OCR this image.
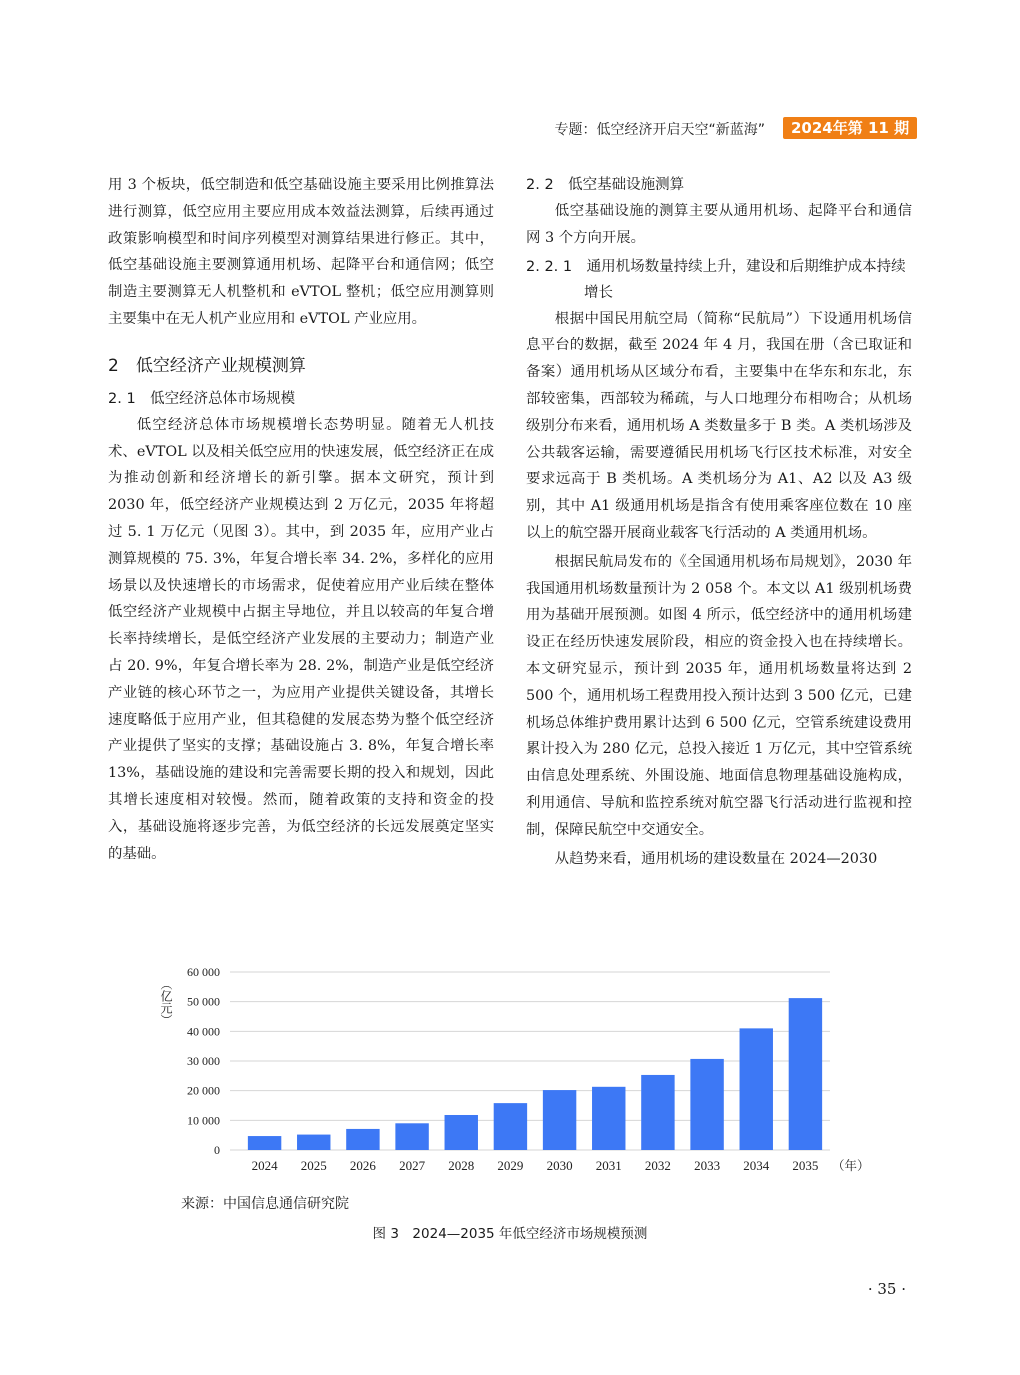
专题：低空经济开启天空“新蓝海”	2024年第 11 期

用 3 个板块，低空制造和低空基础设施主要采用比例推算法进行测算，低空应用主要应用成本效益法测算，后续再通过政策影响模型和时间序列模型对测算结果进行修正。其中，低空基础设施主要测算通用机场、起降平台和通信网；低空制造主要测算无人机整机和 eVTOL 整机；低空应用测算则主要集中在无人机产业应用和 eVTOL 产业应用。

2　低空经济产业规模测算
2. 1　低空经济总体市场规模

低空经济总体市场规模增长态势明显。随着无人机技术、eVTOL 以及相关低空应用的快速发展，低空经济正在成为推动创新和经济增长的新引擎。据本文研究，预计到 2030 年，低空经济产业规模达到 2 万亿元，2035 年将超过 5. 1 万亿元（见图 3）。其中，到 2035 年，应用产业占测算规模的 75. 3%，年复合增长率 34. 2%，多样化的应用场景以及快速增长的市场需求，促使着应用产业后续在整体低空经济产业规模中占据主导地位，并且以较高的年复合增长率持续增长，是低空经济产业发展的主要动力；制造产业占 20. 9%，年复合增长率为 28. 2%，制造产业是低空经济产业链的核心环节之一，为应用产业提供关键设备，其增长速度略低于应用产业，但其稳健的发展态势为整个低空经济产业提供了坚实的支撑；基础设施占 3. 8%，年复合增长率 13%，基础设施的建设和完善需要长期的投入和规划，因此其增长速度相对较慢。然而，随着政策的支持和资金的投入，基础设施将逐步完善，为低空经济的长远发展奠定坚实的基础。

2. 2　低空基础设施测算

低空基础设施的测算主要从通用机场、起降平台和通信网 3 个方向开展。

2. 2. 1　通用机场数量持续上升，建设和后期维护成本持续增长

根据中国民用航空局（简称“民航局”）下设通用机场信息平台的数据，截至 2024 年 4 月，我国在册（含已取证和备案）通用机场从区域分布看，主要集中在华东和东北，东部较密集，西部较为稀疏，与人口地理分布相吻合；从机场级别分布来看，通用机场 A 类数量多于 B 类。A 类机场涉及公共载客运输，需要遵循民用机场飞行区技术标准，对安全要求远高于 B 类机场。A 类机场分为 A1、A2 以及 A3 级别，其中 A1 级通用机场是指含有使用乘客座位数在 10 座以上的航空器开展商业载客飞行活动的 A 类通用机场。

根据民航局发布的《全国通用机场布局规划》，2030 年我国通用机场数量预计为 2 058 个。本文以 A1 级别机场费用为基础开展预测。如图 4 所示，低空经济中的通用机场建设正在经历快速发展阶段，相应的资金投入也在持续增长。本文研究显示，预计到 2035 年，通用机场数量将达到 2 500 个，通用机场工程费用投入预计达到 3 500 亿元，已建机场总体维护费用累计达到 6 500 亿元，空管系统建设费用累计投入为 280 亿元，总投入接近 1 万亿元，其中空管系统由信息处理系统、外围设施、地面信息物理基础设施构成，利用通信、导航和监控系统对航空器飞行活动进行监视和控制，保障民航空中交通安全。

从趋势来看，通用机场的建设数量在 2024—2030

0
10 000
20 000
30 000
40 000
50 000
60 000
（亿元）
2024 2025 2026 2027 2028 2029 2030 2031 2032 2033 2034 2035 （年）
来源：中国信息通信研究院
图 3　2024—2035 年低空经济市场规模预测
· 35 ·
